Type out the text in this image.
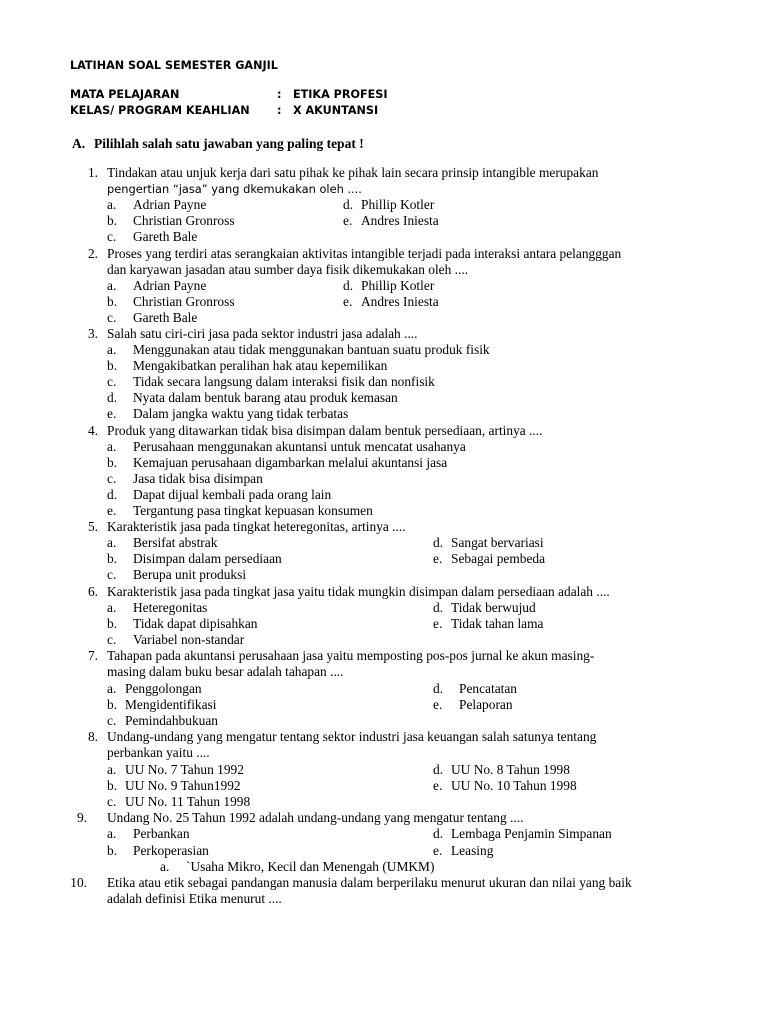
LATIHAN SOAL SEMESTER GANJIL
MATA PELAJARAN	: ETIKA PROFESI
KELAS/ PROGRAM KEAHLIAN : X AKUNTANSI
A. Pilihlah salah satu jawaban yang paling tepat !
1. Tindakan atau unjuk kerja dari satu pihak ke pihak lain secara prinsip intangible merupakan
pengertian “jasa” yang dkemukakan oleh ....
a. Adrian Payne	d. Phillip Kotler
b. Christian Gronross	e. Andres Iniesta
c. Gareth Bale
2. Proses yang terdiri atas serangkaian aktivitas intangible terjadi pada interaksi antara pelangggan
dan karyawan jasadan atau sumber daya fisik dikemukakan oleh ....
a. Adrian Payne	d. Phillip Kotler
b. Christian Gronross	e. Andres Iniesta
c. Gareth Bale
3. Salah satu ciri-ciri jasa pada sektor industri jasa adalah ....
a. Menggunakan atau tidak menggunakan bantuan suatu produk fisik
b. Mengakibatkan peralihan hak atau kepemilikan
c. Tidak secara langsung dalam interaksi fisik dan nonfisik
d. Nyata dalam bentuk barang atau produk kemasan
e. Dalam jangka waktu yang tidak terbatas
4. Produk yang ditawarkan tidak bisa disimpan dalam bentuk persediaan, artinya ....
a. Perusahaan menggunakan akuntansi untuk mencatat usahanya
b. Kemajuan perusahaan digambarkan melalui akuntansi jasa
c. Jasa tidak bisa disimpan
d. Dapat dijual kembali pada orang lain
e. Tergantung pasa tingkat kepuasan konsumen
5. Karakteristik jasa pada tingkat heteregonitas, artinya ....
a. Bersifat abstrak	d. Sangat bervariasi
b. Disimpan dalam persediaan	e. Sebagai pembeda
c. Berupa unit produksi
6. Karakteristik jasa pada tingkat jasa yaitu tidak mungkin disimpan dalam persediaan adalah ....
a. Heteregonitas	d. Tidak berwujud
b. Tidak dapat dipisahkan	e. Tidak tahan lama
c. Variabel non-standar
7. Tahapan pada akuntansi perusahaan jasa yaitu memposting pos-pos jurnal ke akun masing-
masing dalam buku besar adalah tahapan ....
a. Penggolongan	d. Pencatatan
b. Mengidentifikasi	e. Pelaporan
c. Pemindahbukuan
8. Undang-undang yang mengatur tentang sektor industri jasa keuangan salah satunya tentang
perbankan yaitu ....
a. UU No. 7 Tahun 1992	d. UU No. 8 Tahun 1998
b. UU No. 9 Tahun1992	e. UU No. 10 Tahun 1998
c. UU No. 11 Tahun 1998
9. Undang No. 25 Tahun 1992 adalah undang-undang yang mengatur tentang ....
a. Perbankan	d. Lembaga Penjamin Simpanan
b. Perkoperasian	e. Leasing
a. `Usaha Mikro, Kecil dan Menengah (UMKM)
10. Etika atau etik sebagai pandangan manusia dalam berperilaku menurut ukuran dan nilai yang baik
adalah definisi Etika menurut ....
